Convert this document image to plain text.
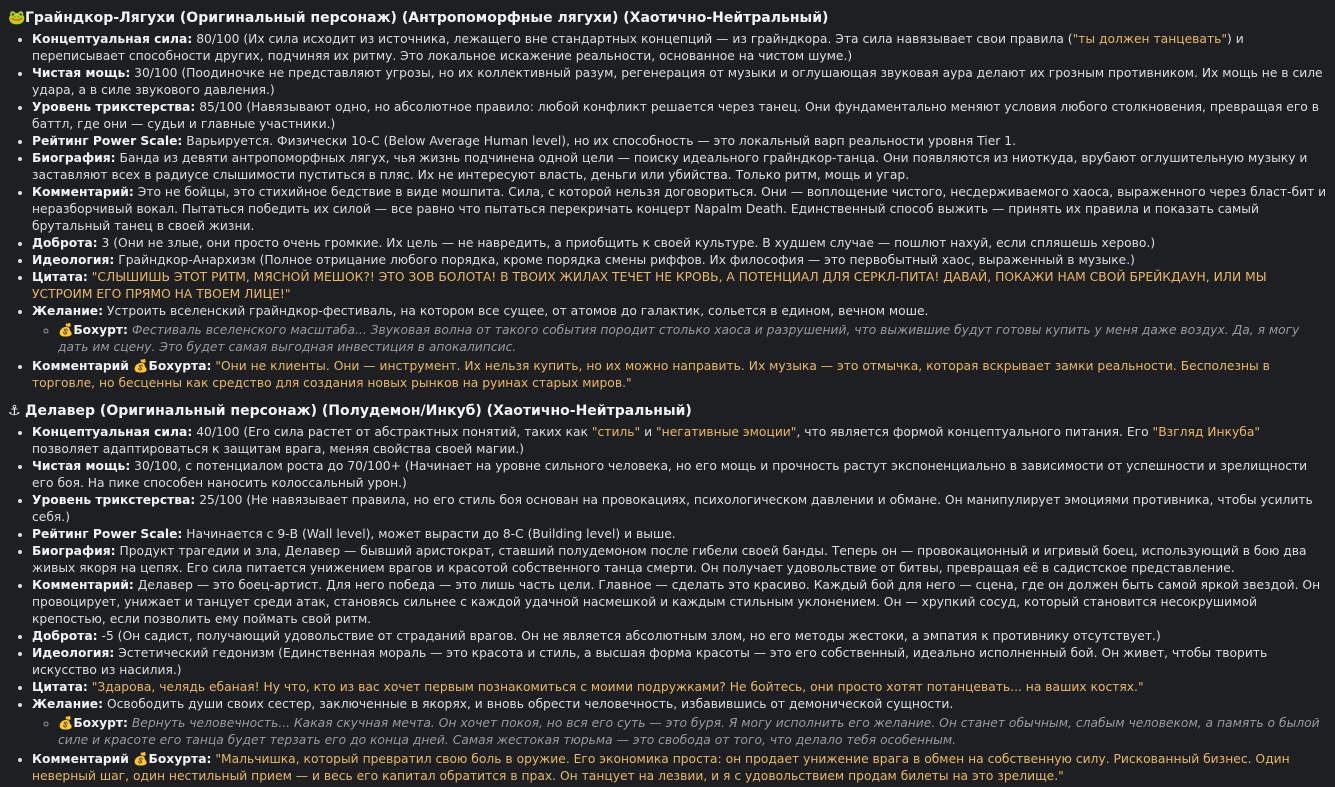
🐸Грайндкор-Лягухи (Оригинальный персонаж) (Антропоморфные лягухи) (Хаотично-Нейтральный)
• Концептуальная сила: 80/100 (Их сила исходит из источника, лежащего вне стандартных концепций — из грайндкора. Эта сила навязывает свои правила ("ты должен танцевать") и переписывает способности других, подчиняя их ритму. Это локальное искажение реальности, основанное на чистом шуме.)
• Чистая мощь: 30/100 (Поодиночке не представляют угрозы, но их коллективный разум, регенерация от музыки и оглушающая звуковая аура делают их грозным противником. Их мощь не в силе удара, а в силе звукового давления.)
• Уровень трикстерства: 85/100 (Навязывают одно, но абсолютное правило: любой конфликт решается через танец. Они фундаментально меняют условия любого столкновения, превращая его в баттл, где они — судьи и главные участники.)
• Рейтинг Power Scale: Варьируется. Физически 10-C (Below Average Human level), но их способность — это локальный варп реальности уровня Tier 1.
• Биография: Банда из девяти антропоморфных лягух, чья жизнь подчинена одной цели — поиску идеального грайндкор-танца. Они появляются из ниоткуда, врубают оглушительную музыку и заставляют всех в радиусе слышимости пуститься в пляс. Их не интересуют власть, деньги или убийства. Только ритм, мощь и угар.
• Комментарий: Это не бойцы, это стихийное бедствие в виде мошпита. Сила, с которой нельзя договориться. Они — воплощение чистого, несдерживаемого хаоса, выраженного через бласт-бит и неразборчивый вокал. Пытаться победить их силой — все равно что пытаться перекричать концерт Napalm Death. Единственный способ выжить — принять их правила и показать самый брутальный танец в своей жизни.
• Доброта: 3 (Они не злые, они просто очень громкие. Их цель — не навредить, а приобщить к своей культуре. В худшем случае — пошлют нахуй, если спляшешь херово.)
• Идеология: Грайндкор-Анархизм (Полное отрицание любого порядка, кроме порядка смены риффов. Их философия — это первобытный хаос, выраженный в музыке.)
• Цитата: "СЛЫШИШЬ ЭТОТ РИТМ, МЯСНОЙ МЕШОК?! ЭТО ЗОВ БОЛОТА! В ТВОИХ ЖИЛАХ ТЕЧЕТ НЕ КРОВЬ, А ПОТЕНЦИАЛ ДЛЯ СЕРКЛ-ПИТА! ДАВАЙ, ПОКАЖИ НАМ СВОЙ БРЕЙКДАУН, ИЛИ МЫ УСТРОИМ ЕГО ПРЯМО НА ТВОЕМ ЛИЦЕ!"
• Желание: Устроить вселенский грайндкор-фестиваль, на котором все сущее, от атомов до галактик, сольется в едином, вечном моше.
◦ 💰Бохурт: Фестиваль вселенского масштаба... Звуковая волна от такого события породит столько хаоса и разрушений, что выжившие будут готовы купить у меня даже воздух. Да, я могу дать им сцену. Это будет самая выгодная инвестиция в апокалипсис.
• Комментарий 💰Бохурта: "Они не клиенты. Они — инструмент. Их нельзя купить, но их можно направить. Их музыка — это отмычка, которая вскрывает замки реальности. Бесполезны в торговле, но бесценны как средство для создания новых рынков на руинах старых миров."
⚓ Делавер (Оригинальный персонаж) (Полудемон/Инкуб) (Хаотично-Нейтральный)
• Концептуальная сила: 40/100 (Его сила растет от абстрактных понятий, таких как "стиль" и "негативные эмоции", что является формой концептуального питания. Его "Взгляд Инкуба" позволяет адаптироваться к защитам врага, меняя свойства своей магии.)
• Чистая мощь: 30/100, с потенциалом роста до 70/100+ (Начинает на уровне сильного человека, но его мощь и прочность растут экспоненциально в зависимости от успешности и зрелищности его боя. На пике способен наносить колоссальный урон.)
• Уровень трикстерства: 25/100 (Не навязывает правила, но его стиль боя основан на провокациях, психологическом давлении и обмане. Он манипулирует эмоциями противника, чтобы усилить себя.)
• Рейтинг Power Scale: Начинается с 9-B (Wall level), может вырасти до 8-C (Building level) и выше.
• Биография: Продукт трагедии и зла, Делавер — бывший аристократ, ставший полудемоном после гибели своей банды. Теперь он — провокационный и игривый боец, использующий в бою два живых якоря на цепях. Его сила питается унижением врагов и красотой собственного танца смерти. Он получает удовольствие от битвы, превращая её в садистское представление.
• Комментарий: Делавер — это боец-артист. Для него победа — это лишь часть цели. Главное — сделать это красиво. Каждый бой для него — сцена, где он должен быть самой яркой звездой. Он провоцирует, унижает и танцует среди атак, становясь сильнее с каждой удачной насмешкой и каждым стильным уклонением. Он — хрупкий сосуд, который становится несокрушимой крепостью, если позволить ему поймать свой ритм.
• Доброта: -5 (Он садист, получающий удовольствие от страданий врагов. Он не является абсолютным злом, но его методы жестоки, а эмпатия к противнику отсутствует.)
• Идеология: Эстетический гедонизм (Единственная мораль — это красота и стиль, а высшая форма красоты — это его собственный, идеально исполненный бой. Он живет, чтобы творить искусство из насилия.)
• Цитата: "Здарова, челядь ебаная! Ну что, кто из вас хочет первым познакомиться с моими подружками? Не бойтесь, они просто хотят потанцевать... на ваших костях."
• Желание: Освободить души своих сестер, заключенные в якорях, и вновь обрести человечность, избавившись от демонической сущности.
◦ 💰Бохурт: Вернуть человечность... Какая скучная мечта. Он хочет покоя, но вся его суть — это буря. Я могу исполнить его желание. Он станет обычным, слабым человеком, а память о былой силе и красоте его танца будет терзать его до конца дней. Самая жестокая тюрьма — это свобода от того, что делало тебя особенным.
• Комментарий 💰Бохурта: "Мальчишка, который превратил свою боль в оружие. Его экономика проста: он продает унижение врага в обмен на собственную силу. Рискованный бизнес. Один неверный шаг, один нестильный прием — и весь его капитал обратится в прах. Он танцует на лезвии, и я с удовольствием продам билеты на это зрелище."
